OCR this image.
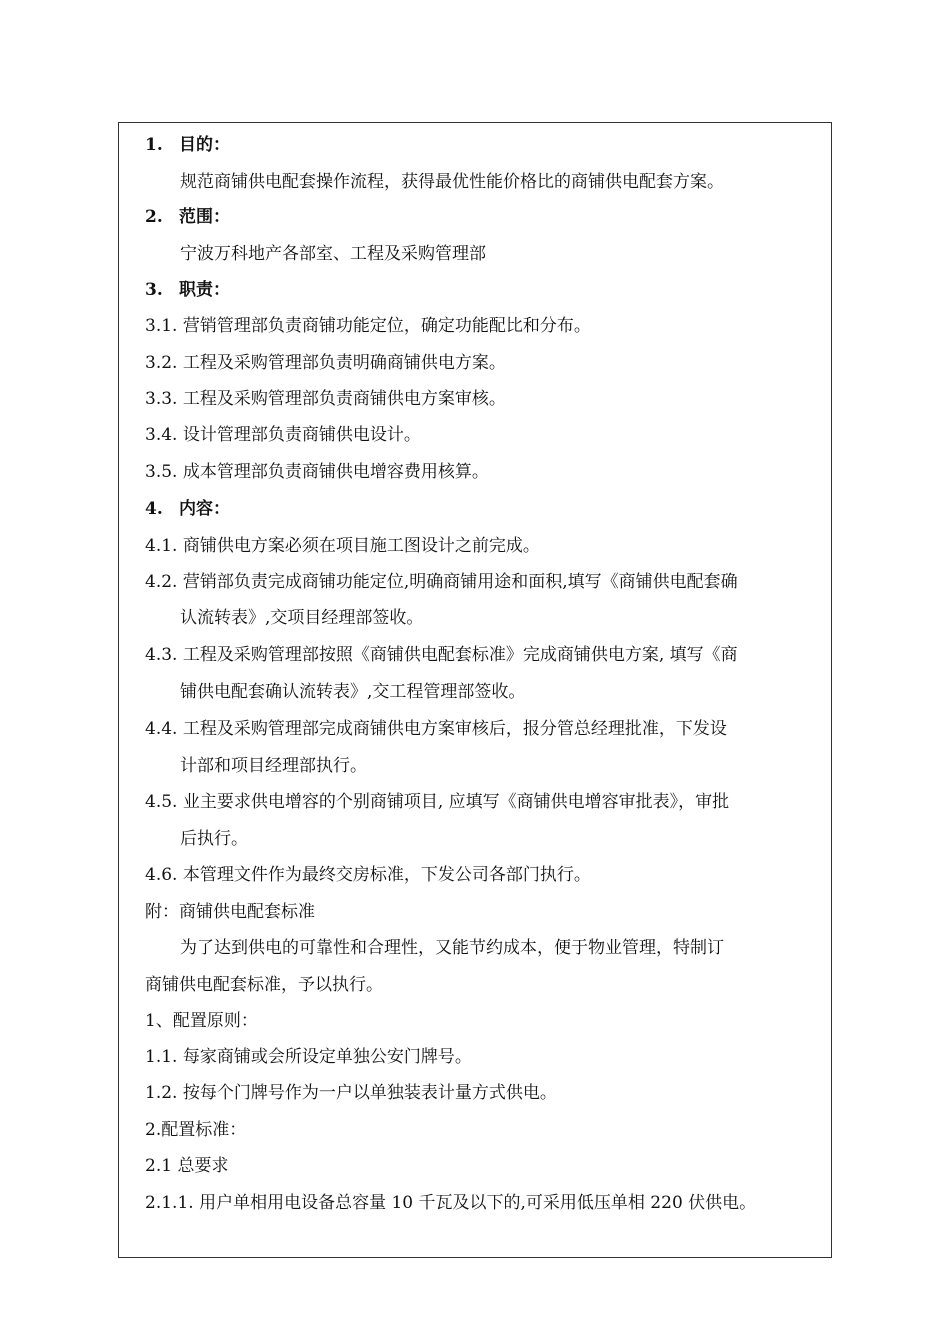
1. 目的：
规范商铺供电配套操作流程，获得最优性能价格比的商铺供电配套方案。
2. 范围：
宁波万科地产各部室、工程及采购管理部
3. 职责：
3.1. 营销管理部负责商铺功能定位，确定功能配比和分布。
3.2. 工程及采购管理部负责明确商铺供电方案。
3.3. 工程及采购管理部负责商铺供电方案审核。
3.4. 设计管理部负责商铺供电设计。
3.5. 成本管理部负责商铺供电增容费用核算。
4. 内容：
4.1. 商铺供电方案必须在项目施工图设计之前完成。
4.2. 营销部负责完成商铺功能定位,明确商铺用途和面积,填写《商铺供电配套确
认流转表》,交项目经理部签收。
4.3. 工程及采购管理部按照《商铺供电配套标准》完成商铺供电方案, 填写《商
铺供电配套确认流转表》,交工程管理部签收。
4.4. 工程及采购管理部完成商铺供电方案审核后，报分管总经理批准，下发设
计部和项目经理部执行。
4.5. 业主要求供电增容的个别商铺项目, 应填写《商铺供电增容审批表》，审批
后执行。
4.6. 本管理文件作为最终交房标准，下发公司各部门执行。
附：商铺供电配套标准
为了达到供电的可靠性和合理性，又能节约成本，便于物业管理，特制订
商铺供电配套标准，予以执行。
1、配置原则：
1.1. 每家商铺或会所设定单独公安门牌号。
1.2. 按每个门牌号作为一户以单独装表计量方式供电。
2.配置标准：
2.1 总要求
2.1.1. 用户单相用电设备总容量 10 千瓦及以下的,可采用低压单相 220 伏供电。
